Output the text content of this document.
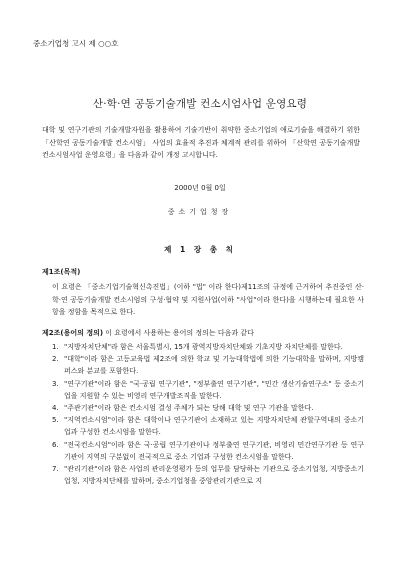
중소기업청 고시 제 ○○호
산·학·연 공동기술개발 컨소시엄사업 운영요령
대학 및 연구기관의 기술개발자원을 활용하여 기술기반이 취약한 중소기업의 애로기술을 해결하기 위한 「산학연 공동기술개발 컨소시엄」 사업의 효율적 추진과 체계적 관리를 위하여 「산학연 공동기술개발 컨소시엄사업 운영요령」을 다음과 같이 개정 고시합니다.
2000년 0월 0일
중소기업청장
제 1 장 총 칙
제1조(목적)
이 요령은 「중소기업기술혁신촉진법」(이하 "법" 이라 한다)제11조의 규정에 근거하여 추진중인 산·학·연 공동기술개발 컨소시엄의 구성·협약 및 지원사업(이하 "사업"이라 한다)을 시행하는데 필요한 사항을 정함을 목적으로 한다.
제2조(용어의 정의) 이 요령에서 사용하는 용어의 정의는 다음과 같다
1. "지방자치단체"라 함은 서울특별시, 15개 광역지방자치단체와 기초지방 자치단체를 말한다.
2. "대학"이라 함은 고등교육법 제2조에 의한 학교 및 기능대학법에 의한 기능대학을 말하며, 지방캠퍼스와 분교를 포함한다.
3. "연구기관"이라 함은 "국·공립 연구기관", "정부출연 연구기관", "민간 생산기술연구소" 등 중소기업을 지원할 수 있는 비영리 연구개발조직을 말한다.
4. "주관기관"이라 함은 컨소시엄 결성 주체가 되는 당해 대학 및 연구 기관을 말한다.
5. "지역컨소시엄"이라 함은 대학이나 연구기관이 소재하고 있는 지방자치단체 관할구역내의 중소기업과 구성한 컨소시엄을 말한다.
6. "전국컨소시엄"이라 함은 국·공립 연구기관이나 정부출연 연구기관, 비영리 민간연구기관 등 연구기관이 지역의 구분없이 전국적으로 중소 기업과 구성한 컨소시엄을 말한다.
7. "관리기관"이라 함은 사업의 관리운영평가 등의 업무를 담당하는 기관으로 중소기업청, 지방중소기업청, 지방자치단체를 말하며, 중소기업청을 중앙관리기관으로 지
